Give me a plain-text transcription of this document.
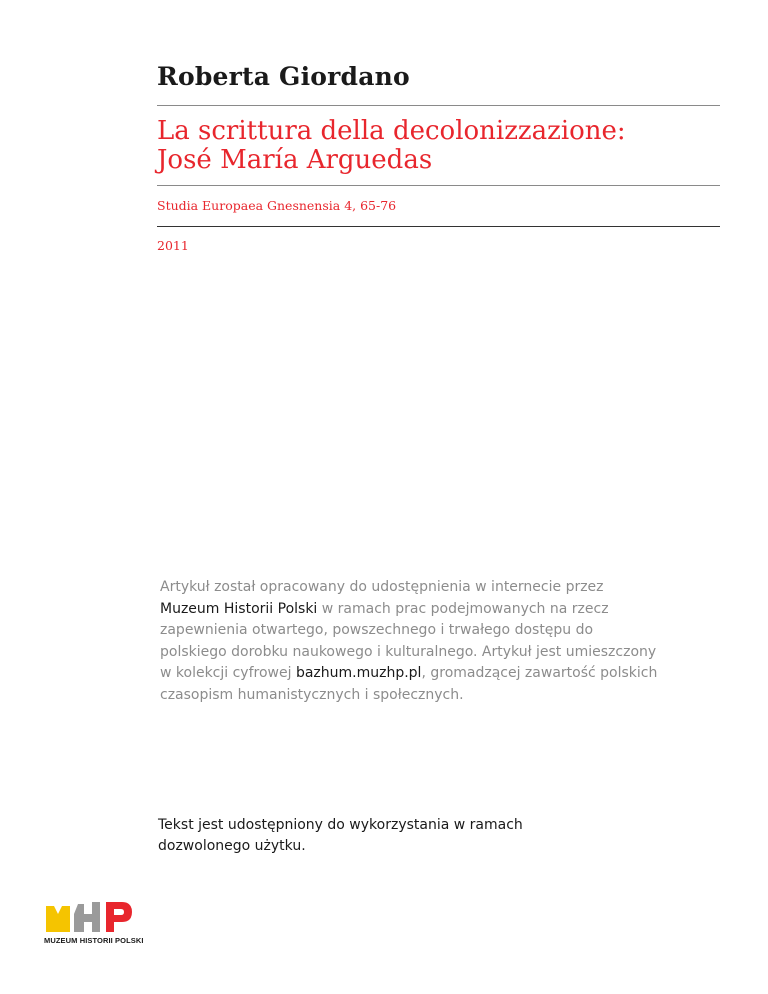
Roberta Giordano
La scrittura della decolonizzazione:
José María Arguedas
Studia Europaea Gnesnensia 4, 65-76
2011
Artykuł został opracowany do udostępnienia w internecie przez
Muzeum Historii Polski w ramach prac podejmowanych na rzecz
zapewnienia otwartego, powszechnego i trwałego dostępu do
polskiego dorobku naukowego i kulturalnego. Artykuł jest umieszczony
w kolekcji cyfrowej bazhum.muzhp.pl, gromadzącej zawartość polskich
czasopism humanistycznych i społecznych.
Tekst jest udostępniony do wykorzystania w ramach
dozwolonego użytku.
MUZEUM HISTORII POLSKI
